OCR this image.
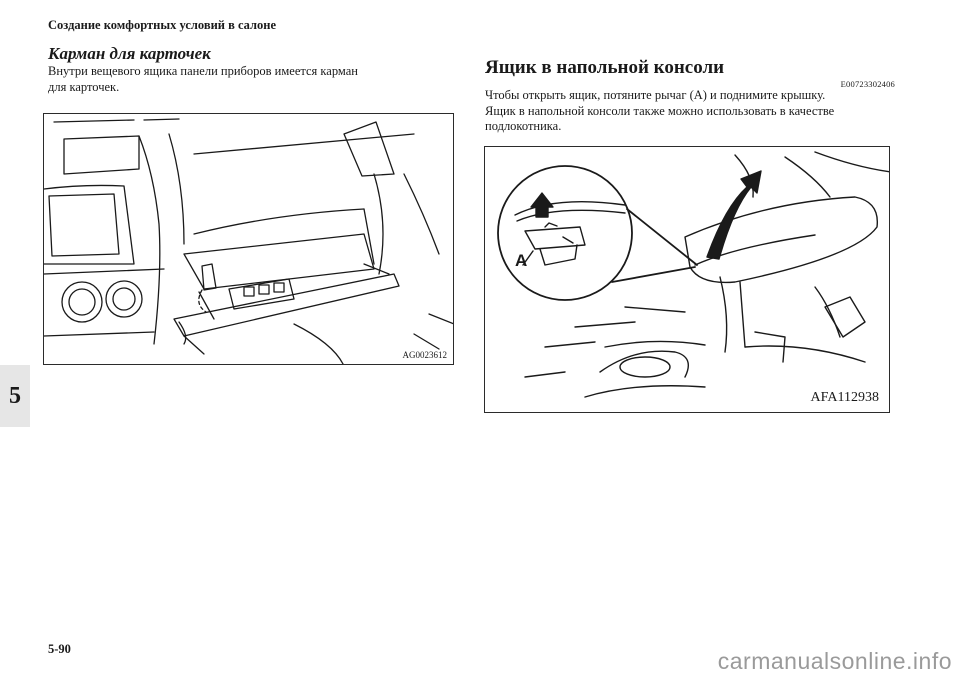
Создание комфортных условий в салоне
5
Карман для карточек
Внутри вещевого ящика панели приборов имеется карман
для карточек.
AG0023612
Ящик в напольной консоли
E00723302406
Чтобы открыть ящик, потяните рычаг (A) и поднимите крышку.
Ящик в напольной консоли также можно использовать в качестве
подлокотника.
A
AFA112938
5-90	carmanualsonline.info
